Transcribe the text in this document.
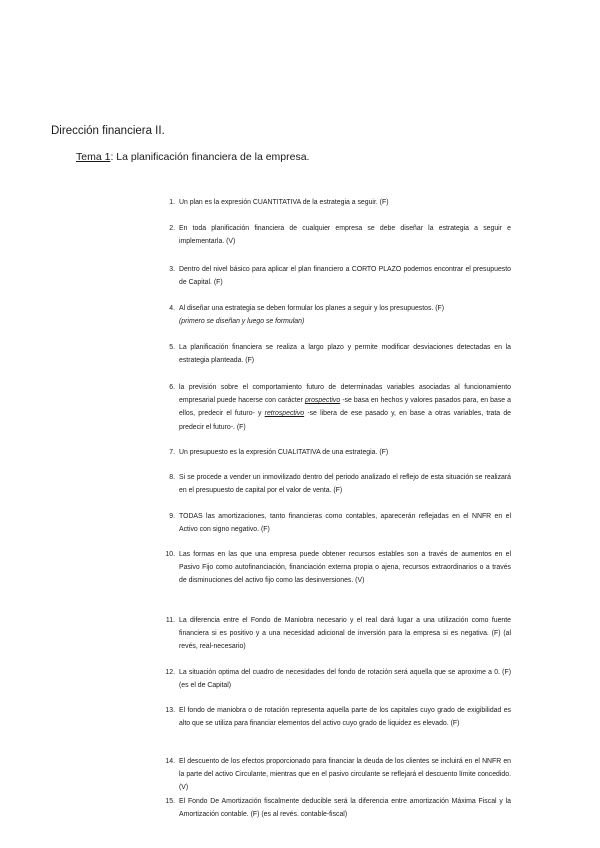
Dirección financiera II.
Tema 1: La planificación financiera de la empresa.
1. Un plan es la expresión CUANTITATIVA de la estrategia a seguir. (F)
2. En toda planificación financiera de cualquier empresa se debe diseñar la estrategia a seguir e implementarla. (V)
3. Dentro del nivel básico para aplicar el plan financiero a CORTO PLAZO podemos encontrar el presupuesto de Capital. (F)
4. Al diseñar una estrategia se deben formular los planes a seguir y los presupuestos. (F)
(primero se diseñan y luego se formulan)
5. La planificación financiera se realiza a largo plazo y permite modificar desviaciones detectadas en la estrategia planteada. (F)
6. la previsión sobre el comportamiento futuro de determinadas variables asociadas al funcionamiento empresarial puede hacerse con carácter prospectivo -se basa en hechos y valores pasados para, en base a ellos, predecir el futuro- y retrospectivo -se libera de ese pasado y, en base a otras variables, trata de predecir el futuro-. (F)
7. Un presupuesto es la expresión CUALITATIVA de una estrategia. (F)
8. Si se procede a vender un inmovilizado dentro del periodo analizado el reflejo de esta situación se realizará en el presupuesto de capital por el valor de venta. (F)
9. TODAS las amortizaciones, tanto financieras como contables, aparecerán reflejadas en el NNFR en el Activo con signo negativo. (F)
10. Las formas en las que una empresa puede obtener recursos estables son a través de aumentos en el Pasivo Fijo como autofinanciación, financiación externa propia o ajena, recursos extraordinarios o a través de disminuciones del activo fijo como las desinversiones. (V)
11. La diferencia entre el Fondo de Maniobra necesario y el real dará lugar a una utilización como fuente financiera si es positivo y a una necesidad adicional de inversión para la empresa si es negativa. (F) (al revés, real-necesario)
12. La situación optima del cuadro de necesidades del fondo de rotación será aquella que se aproxime a 0. (F) (es el de Capital)
13. El fondo de maniobra o de rotación representa aquella parte de los capitales cuyo grado de exigibilidad es alto que se utiliza para financiar elementos del activo cuyo grado de liquidez es elevado. (F)
14. El descuento de los efectos proporcionado para financiar la deuda de los clientes se incluirá en el NNFR en la parte del activo Circulante, mientras que en el pasivo circulante se reflejará el descuento límite concedido. (V)
15. El Fondo De Amortización fiscalmente deducible será la diferencia entre amortización Máxima Fiscal y la Amortización contable. (F) (es al revés. contable-fiscal)
